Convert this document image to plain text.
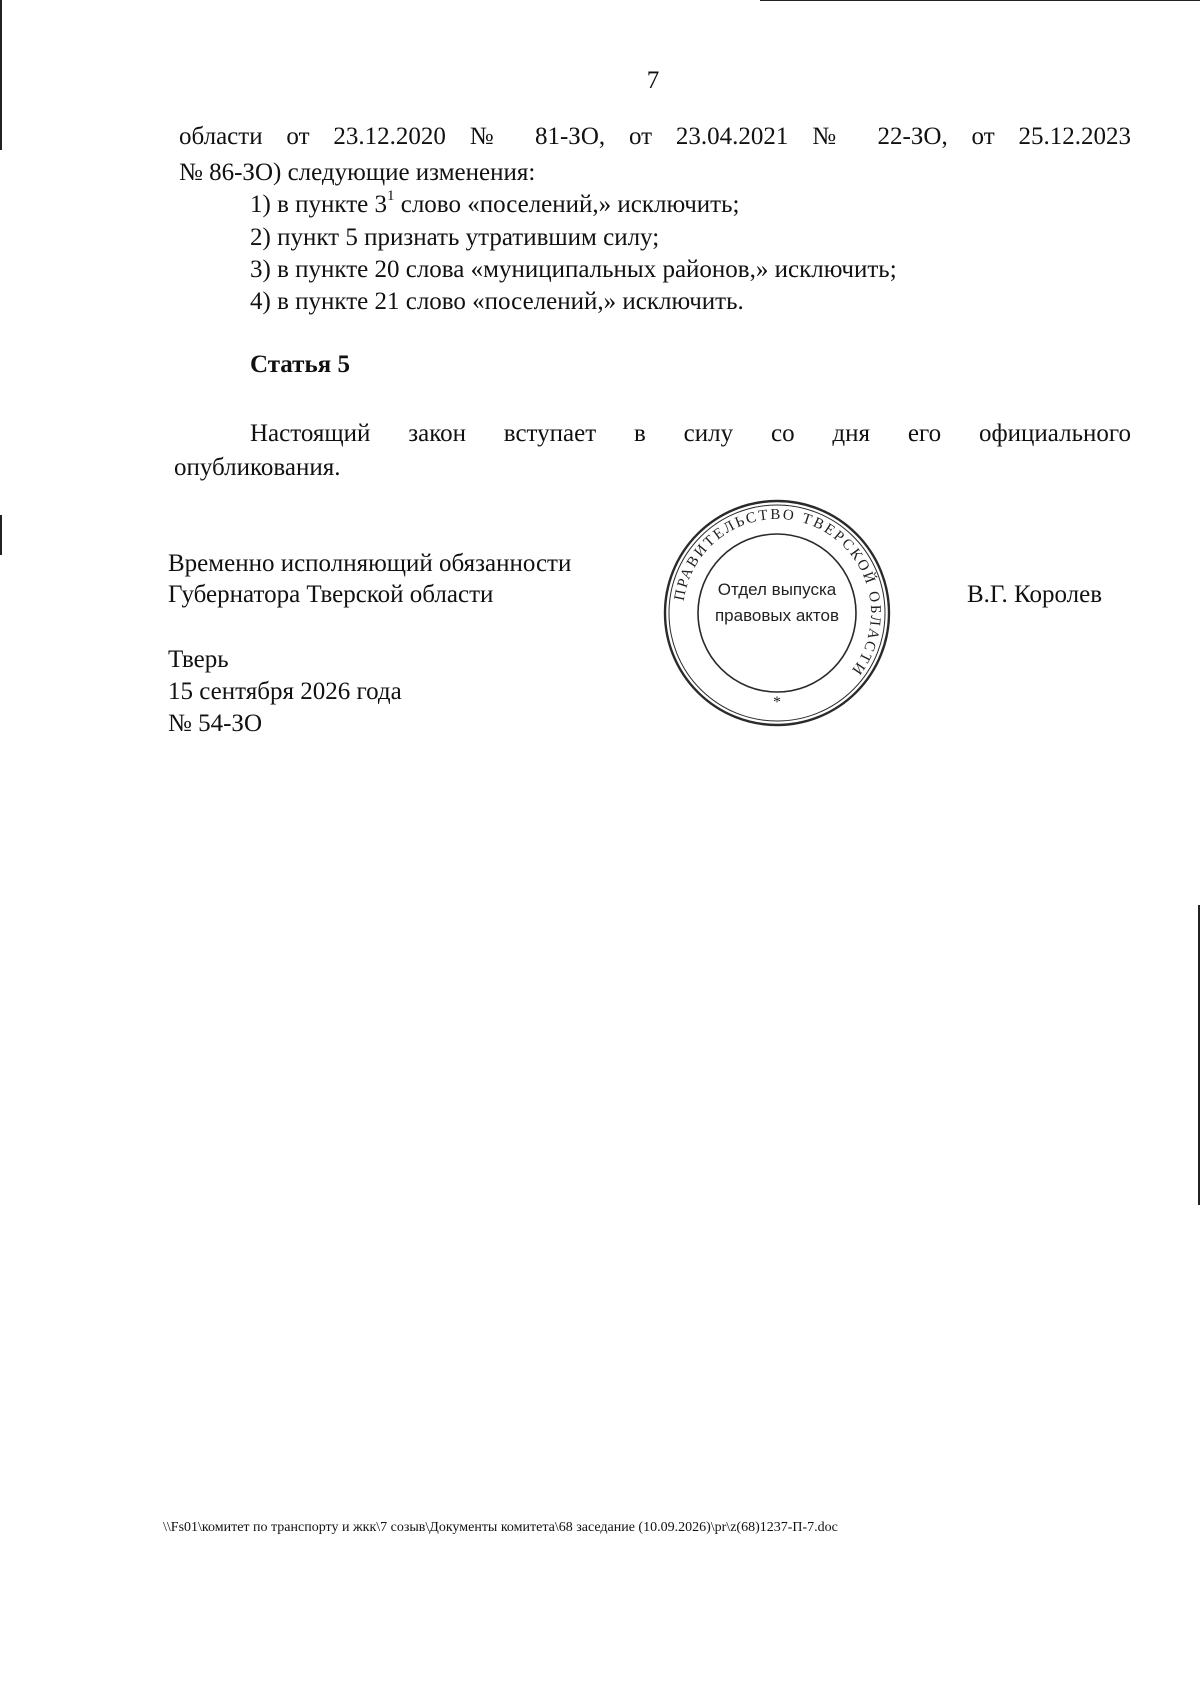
7
области от 23.12.2020 № 81-ЗО, от 23.04.2021 № 22-ЗО, от 25.12.2023
№ 86-ЗО) следующие изменения:
1) в пункте $3^1$ слово «поселений,» исключить;
2) пункт 5 признать утратившим силу;
3) в пункте 20 слова «муниципальных районов,» исключить;
4) в пункте 21 слово «поселений,» исключить.
Статья 5
Настоящий закон вступает в силу со дня его официального
опубликования.
Временно исполняющий обязанности
Губернатора Тверской области	В.Г. Королев
Тверь
15 сентября 2026 года
№ 54-ЗО
ПРАВИТЕЛЬСТВО ТВЕРСКОЙ ОБЛАСТИ
Отдел выпуска
правовых актов
*
\\Fs01\комитет по транспорту и жкк\7 созыв\Документы комитета\68 заседание (10.09.2026)\pr\z(68)1237-П-7.doc
